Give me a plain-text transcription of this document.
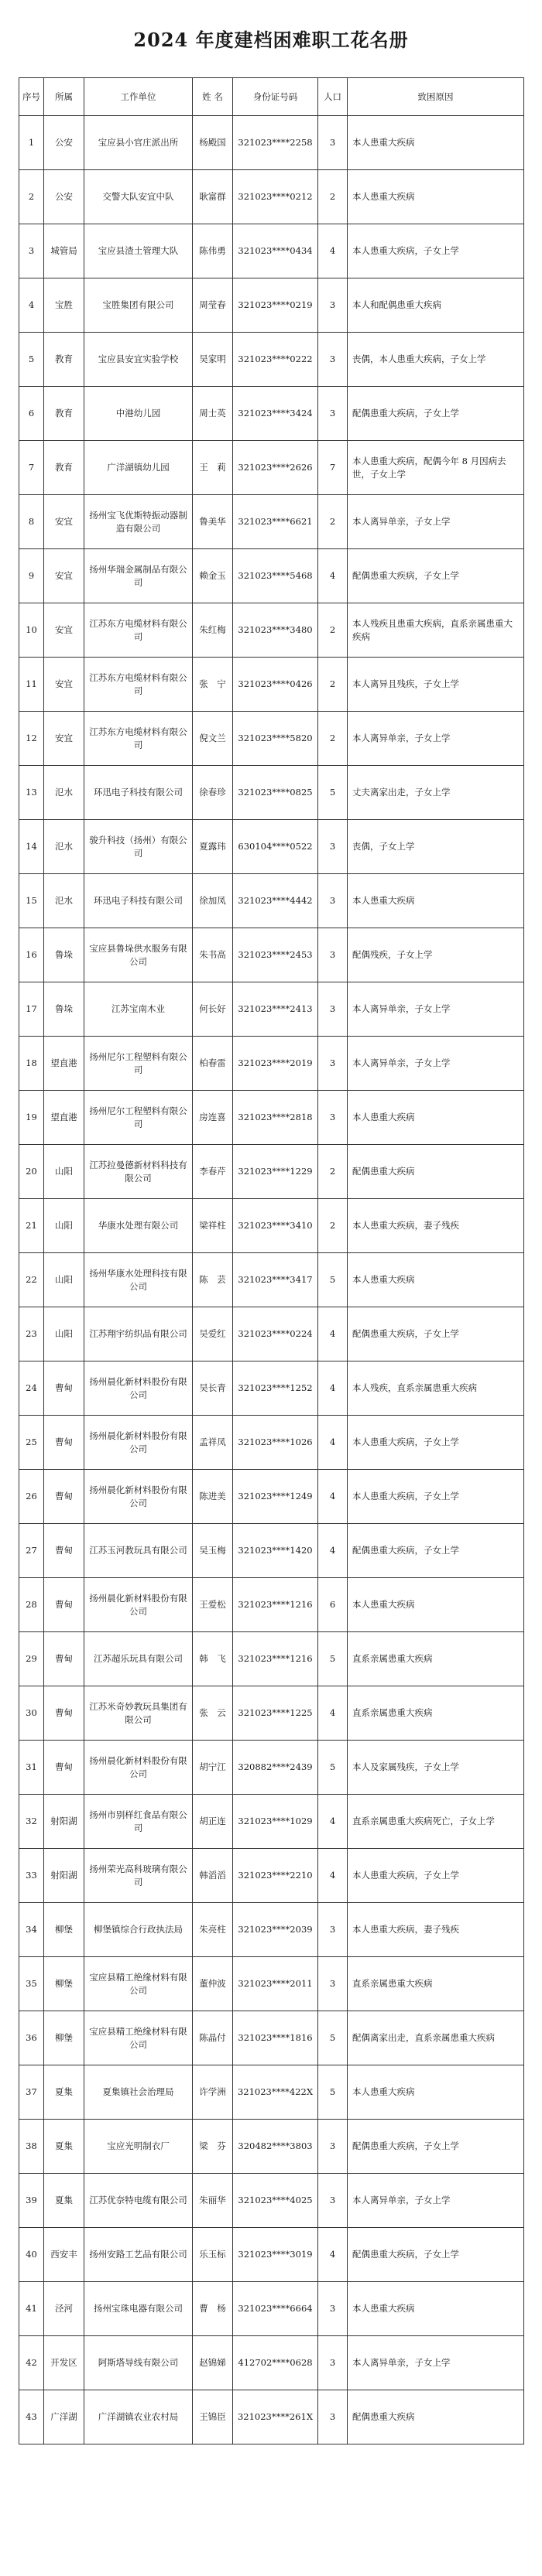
2024 年度建档困难职工花名册
序号	所属	工作单位	姓 名	身份证号码	人口	致困原因
1	公安	宝应县小官庄派出所	杨殿国	321023****2258	3	本人患重大疾病
2	公安	交警大队安宜中队	耿富群	321023****0212	2	本人患重大疾病
3	城管局	宝应县渣土管理大队	陈伟勇	321023****0434	4	本人患重大疾病，子女上学
4	宝胜	宝胜集团有限公司	周莹春	321023****0219	3	本人和配偶患重大疾病
5	教育	宝应县安宜实验学校	吴家明	321023****0222	3	丧偶，本人患重大疾病，子女上学
6	教育	中港幼儿园	周士英	321023****3424	3	配偶患重大疾病，子女上学
7	教育	广洋湖镇幼儿园	王　莉	321023****2626	7	本人患重大疾病，配偶今年 8 月因病去世，子女上学
8	安宜	扬州宝飞优斯特振动器制造有限公司	鲁美华	321023****6621	2	本人离异单亲，子女上学
9	安宜	扬州华瑞金属制品有限公司	赖金玉	321023****5468	4	配偶患重大疾病，子女上学
10	安宜	江苏东方电缆材料有限公司	朱红梅	321023****3480	2	本人残疾且患重大疾病，直系亲属患重大疾病
11	安宜	江苏东方电缆材料有限公司	张　宁	321023****0426	2	本人离异且残疾，子女上学
12	安宜	江苏东方电缆材料有限公司	倪文兰	321023****5820	2	本人离异单亲，子女上学
13	氾水	环迅电子科技有限公司	徐春珍	321023****0825	5	丈夫离家出走，子女上学
14	氾水	骏升科技（扬州）有限公司	夏露玮	630104****0522	3	丧偶，子女上学
15	氾水	环迅电子科技有限公司	徐加凤	321023****4442	3	本人患重大疾病
16	鲁垛	宝应县鲁垛供水服务有限公司	朱书高	321023****2453	3	配偶残疾，子女上学
17	鲁垛	江苏宝南木业	何长好	321023****2413	3	本人离异单亲，子女上学
18	望直港	扬州尼尔工程塑料有限公司	柏春雷	321023****2019	3	本人离异单亲，子女上学
19	望直港	扬州尼尔工程塑料有限公司	房连喜	321023****2818	3	本人患重大疾病
20	山阳	江苏拉曼德新材料科技有限公司	李春芹	321023****1229	2	配偶患重大疾病
21	山阳	华康水处理有限公司	梁祥柱	321023****3410	2	本人患重大疾病，妻子残疾
22	山阳	扬州华康水处理科技有限公司	陈　芸	321023****3417	5	本人患重大疾病
23	山阳	江苏翔宇纺织品有限公司	吴爱红	321023****0224	4	配偶患重大疾病，子女上学
24	曹甸	扬州晨化新材料股份有限公司	吴长青	321023****1252	4	本人残疾，直系亲属患重大疾病
25	曹甸	扬州晨化新材料股份有限公司	孟祥凤	321023****1026	4	本人患重大疾病，子女上学
26	曹甸	扬州晨化新材料股份有限公司	陈进美	321023****1249	4	本人患重大疾病，子女上学
27	曹甸	江苏玉河教玩具有限公司	吴玉梅	321023****1420	4	配偶患重大疾病，子女上学
28	曹甸	扬州晨化新材料股份有限公司	王爱松	321023****1216	6	本人患重大疾病
29	曹甸	江苏超乐玩具有限公司	韩　飞	321023****1216	5	直系亲属患重大疾病
30	曹甸	江苏米奇妙教玩具集团有限公司	张　云	321023****1225	4	直系亲属患重大疾病
31	曹甸	扬州晨化新材料股份有限公司	胡宁江	320882****2439	5	本人及家属残疾，子女上学
32	射阳湖	扬州市别样红食品有限公司	胡正连	321023****1029	4	直系亲属患重大疾病死亡，子女上学
33	射阳湖	扬州荣光高科玻璃有限公司	韩滔滔	321023****2210	4	本人患重大疾病，子女上学
34	柳堡	柳堡镇综合行政执法局	朱亮柱	321023****2039	3	本人患重大疾病，妻子残疾
35	柳堡	宝应县精工绝缘材料有限公司	董仲波	321023****2011	3	直系亲属患重大疾病
36	柳堡	宝应县精工绝缘材料有限公司	陈晶付	321023****1816	5	配偶离家出走，直系亲属患重大疾病
37	夏集	夏集镇社会治理局	许学洲	321023****422X	5	本人患重大疾病
38	夏集	宝应光明制衣厂	梁　芬	320482****3803	3	配偶患重大疾病，子女上学
39	夏集	江苏优奈特电缆有限公司	朱丽华	321023****4025	3	本人离异单亲，子女上学
40	西安丰	扬州安路工艺品有限公司	乐玉标	321023****3019	4	配偶患重大疾病，子女上学
41	泾河	扬州宝珠电器有限公司	曹　杨	321023****6664	3	本人患重大疾病
42	开发区	阿斯塔导线有限公司	赵锦娣	412702****0628	3	本人离异单亲，子女上学
43	广洋湖	广洋湖镇农业农村局	王锦臣	321023****261X	3	配偶患重大疾病
